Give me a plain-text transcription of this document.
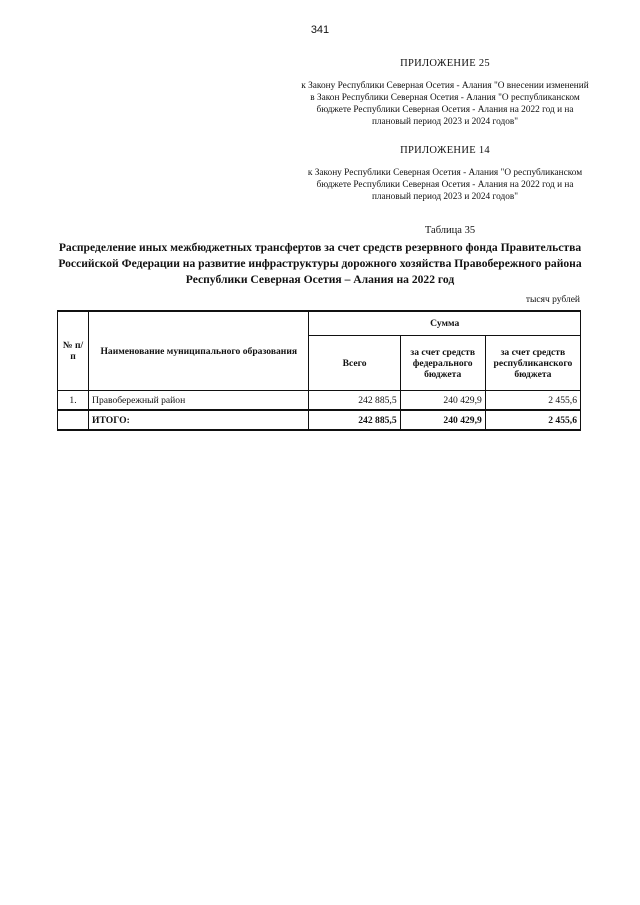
341
ПРИЛОЖЕНИЕ 25
к Закону Республики Северная Осетия - Алания "О внесении изменений в Закон Республики Северная Осетия - Алания "О республиканском бюджете Республики Северная Осетия - Алания на 2022 год и на плановый период 2023 и 2024 годов"
ПРИЛОЖЕНИЕ 14
к Закону Республики Северная Осетия - Алания "О республиканском бюджете Республики Северная Осетия - Алания на 2022 год и на плановый период 2023 и 2024 годов"
Таблица 35
Распределение иных межбюджетных трансфертов за счет средств резервного фонда Правительства Российской Федерации на развитие инфраструктуры дорожного хозяйства Правобережного района Республики Северная Осетия – Алания на 2022 год
тысяч рублей
№ п/п	Наименование муниципального образования	Сумма		
		Всего	за счет средств федерального бюджета	за счет средств республиканского бюджета
1.	Правобережный район	242 885,5	240 429,9	2 455,6
	ИТОГО:	242 885,5	240 429,9	2 455,6
